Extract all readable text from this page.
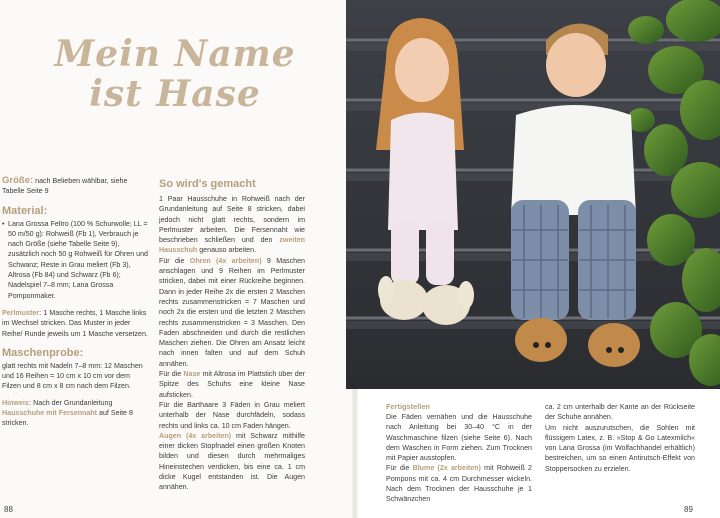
Mein Name
ist Hase

Größe: nach Belieben wählbar, siehe Tabelle Seite 9

Material:
• Lana Grossa Feltro (100 % Schurwolle; LL = 50 m/50 g): Rohweiß (Fb 1), Verbrauch je nach Größe (siehe Tabelle Seite 9), zusätzlich noch 50 g Rohweiß für Ohren und Schwanz; Reste in Grau meliert (Fb 3), Altrosa (Fb 84) und Schwarz (Fb 6); Nadelspiel 7–8 mm; Lana Grossa Pomponmaker.

Perlmuster: 1 Masche rechts, 1 Masche links im Wechsel stricken. Das Muster in jeder Reihe/ Runde jeweils um 1 Masche versetzen.

Maschenprobe:

glatt rechts mit Nadeln 7–8 mm: 12 Maschen und 16 Reihen = 10 cm x 10 cm vor dem Filzen und 8 cm x 8 cm nach dem Filzen.

Hinweis: Nach der Grundanleitung Hausschuhe mit Fersennaht auf Seite 8 stricken.

So wird's gemacht

1 Paar Hausschuhe in Rohweiß nach der Grundanleitung auf Seite 8 stricken, dabei jedoch nicht glatt rechts, sondern im Perlmuster arbeiten. Die Fersennaht wie beschrieben schließen und den zweiten Hausschuh genauso arbeiten.

Für die Ohren (4x arbeiten) 9 Maschen anschlagen und 9 Reihen im Perlmuster stricken, dabei mit einer Rückreihe beginnen. Dann in jeder Reihe 2x die ersten 2 Maschen rechts zusammenstricken = 7 Maschen und noch 2x die ersten und die letzten 2 Maschen rechts zusammenstricken = 3 Maschen. Den Faden abschneiden und durch die restlichen Maschen ziehen. Die Ohren am Ansatz leicht nach innen falten und auf dem Schuh annähen.

Für die Nase mit Altrosa im Plattstich über der Spitze des Schuhs eine kleine Nase aufsticken.

Für die Barthaare 3 Fäden in Grau meliert unterhalb der Nase durchfädeln, sodass rechts und links ca. 10 cm Faden hängen.

Augen (4x arbeiten) mit Schwarz mithilfe einer dicken Stopfnadel einen großen Knoten bilden und diesen durch mehrmaliges Hineinstechen verdicken, bis eine ca. 1 cm dicke Kugel entstanden ist. Die Augen annähen.

Fertigstellen

Die Fäden vernähen und die Hausschuhe nach Anleitung bei 30–40 °C in der Waschmaschine filzen (siehe Seite 6). Nach dem Waschen in Form ziehen. Zum Trocknen mit Papier ausstopfen.

Für die Blume (2x arbeiten) mit Rohweiß 2 Pompons mit ca. 4 cm Durchmesser wickeln. Nach dem Trocknen der Hausschuhe je 1 Schwänzchen

ca. 2 cm unterhalb der Kante an der Rückseite der Schuhe annähen.

Um nicht auszurutschen, die Sohlen mit flüssigem Latex, z. B. »Stop & Go Latexmilch« von Lana Grossa (im Wolfachhandel erhältlich) bestreichen, um so einen Antirutsch-Effekt von Stoppersocken zu erzielen.

88	89
